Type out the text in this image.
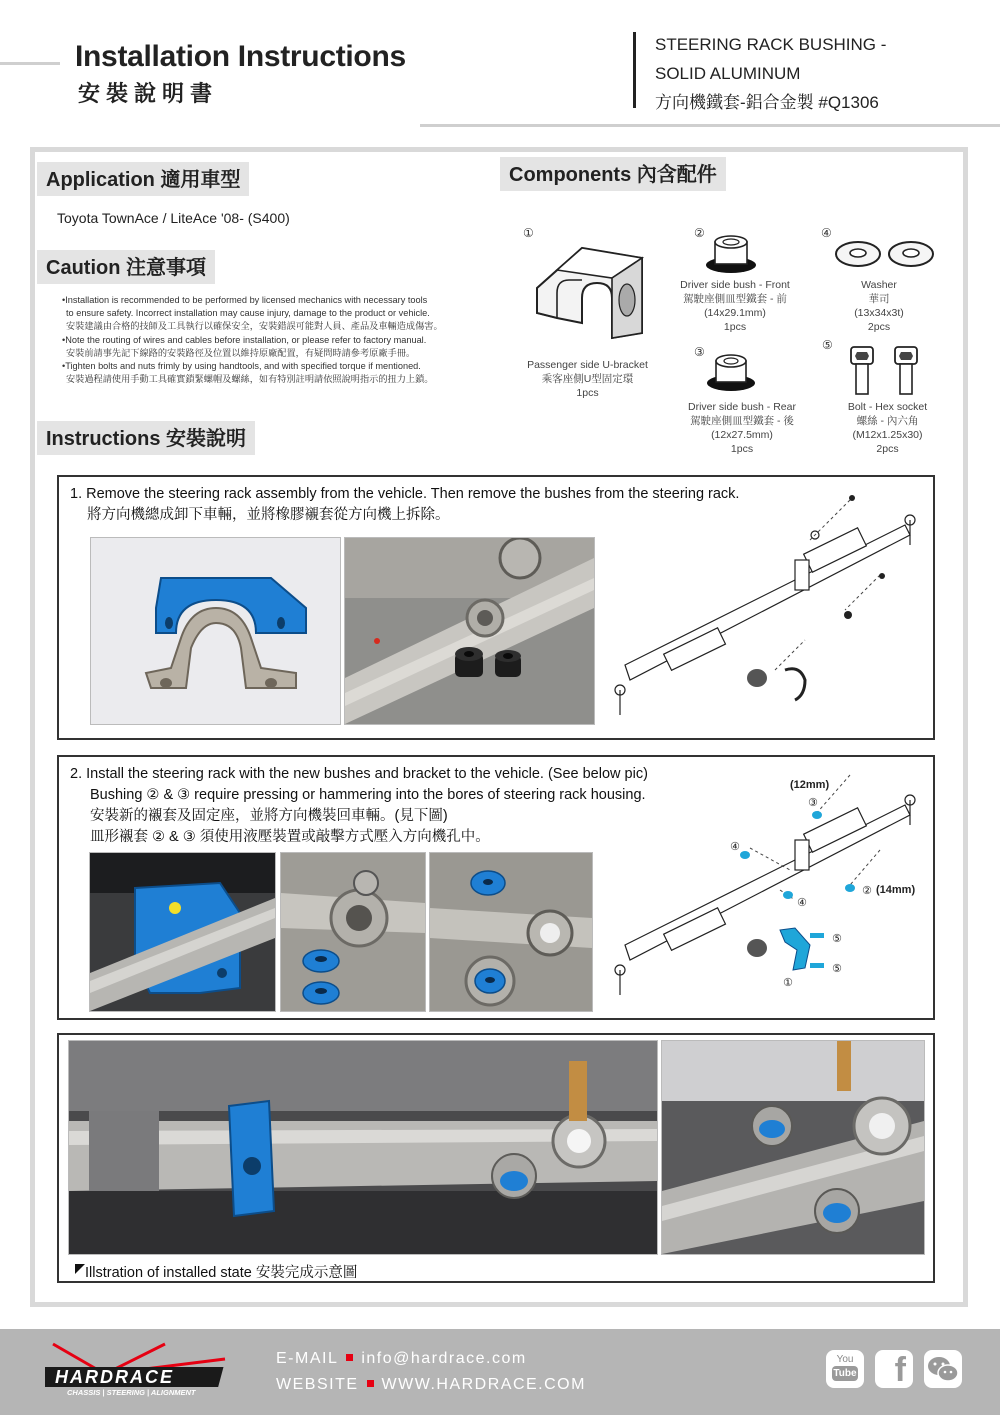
Installation Instructions
安裝說明書
STEERING RACK BUSHING -
SOLID ALUMINUM
方向機鐵套-鋁合金製 #Q1306
Application 適用車型
Toyota TownAce / LiteAce '08- (S400)
Caution 注意事項
•Installation is recommended to be performed by licensed mechanics with necessary tools
to ensure safety. Incorrect installation may cause injury, damage to the product or vehicle.
安裝建議由合格的技師及工具執行以確保安全，安裝錯誤可能對人員、產品及車輛造成傷害。
•Note the routing of wires and cables before installation, or please refer to factory manual.
安裝前請事先記下線路的安裝路徑及位置以維持原廠配置，有疑問時請參考原廠手冊。
•Tighten bolts and nuts frimly by using handtools, and with specified torque if mentioned.
安裝過程請使用手動工具確實鎖緊螺帽及螺絲，如有特別註明請依照說明指示的扭力上鎖。
Components 內含配件
①
Passenger side U-bracket
乘客座側U型固定環
1pcs
②
Driver side bush - Front
駕駛座側皿型鐵套 - 前
(14x29.1mm)
1pcs
③
Driver side bush - Rear
駕駛座側皿型鐵套 - 後
(12x27.5mm)
1pcs
④
Washer
華司
(13x34x3t)
2pcs
⑤
Bolt - Hex socket
螺絲 - 內六角
(M12x1.25x30)
2pcs
Instructions 安裝說明
1. Remove the steering rack assembly from the vehicle. Then remove the bushes from the steering rack.
將方向機總成卸下車輛，並將橡膠襯套從方向機上拆除。
2. Install the steering rack with the new bushes and bracket to the vehicle. (See below pic)
Bushing ② & ③ require pressing or hammering into the bores of steering rack housing.
安裝新的襯套及固定座，並將方向機裝回車輛。(見下圖)
皿形襯套 ② & ③ 須使用液壓裝置或敲擊方式壓入方向機孔中。
(12mm)
(14mm)
③
②
④
④
⑤
⑤
①
Illstration of installed state 安裝完成示意圖
HARDRACE
CHASSIS | STEERING | ALIGNMENT
E-MAIL info@hardrace.com
WEBSITE WWW.HARDRACE.COM
You
Tube	f
